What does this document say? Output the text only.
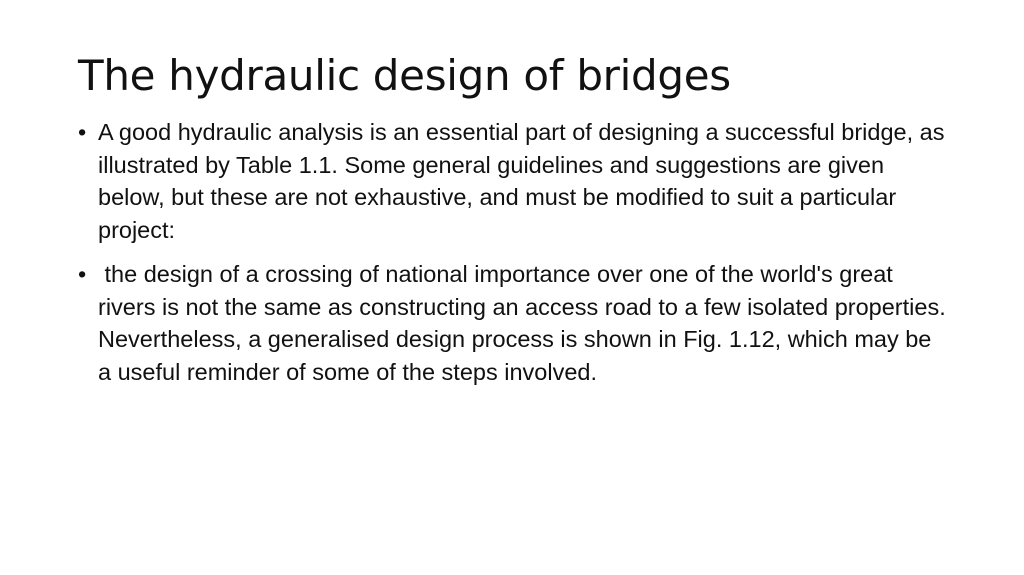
The hydraulic design of bridges
• A good hydraulic analysis is an essential part of designing a successful bridge, as illustrated by Table 1.1. Some general guidelines and suggestions are given below, but these are not exhaustive, and must be modified to suit a particular project:
• the design of a crossing of national importance over one of the world's great rivers is not the same as constructing an access road to a few isolated properties. Nevertheless, a generalised design process is shown in Fig. 1.12, which may be a useful reminder of some of the steps involved.
